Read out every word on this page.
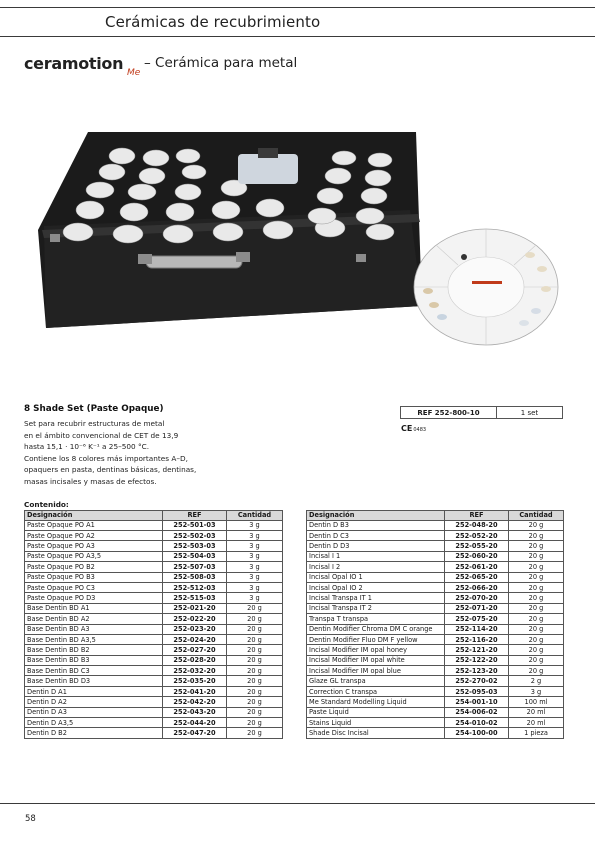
Cerámicas de recubrimiento
ceramotion Me
– Cerámica para metal
8 Shade Set (Paste Opaque)
Set para recubrir estructuras de metal
en el ámbito convencional de CET de 13,9
hasta 15,1 · 10⁻⁶ K⁻¹ a 25–500 °C.
Contiene los 8 colores más importantes A–D,
opaquers en pasta, dentinas básicas, dentinas,
masas incisales y masas de efectos.
REF 252-800-10	1 set
CE0483
Contenido:
Designación	REF	Cantidad
Paste Opaque PO A1	252-501-03	3 g
Paste Opaque PO A2	252-502-03	3 g
Paste Opaque PO A3	252-503-03	3 g
Paste Opaque PO A3,5	252-504-03	3 g
Paste Opaque PO B2	252-507-03	3 g
Paste Opaque PO B3	252-508-03	3 g
Paste Opaque PO C3	252-512-03	3 g
Paste Opaque PO D3	252-515-03	3 g
Base Dentin BD A1	252-021-20	20 g
Base Dentin BD A2	252-022-20	20 g
Base Dentin BD A3	252-023-20	20 g
Base Dentin BD A3,5	252-024-20	20 g
Base Dentin BD B2	252-027-20	20 g
Base Dentin BD B3	252-028-20	20 g
Base Dentin BD C3	252-032-20	20 g
Base Dentin BD D3	252-035-20	20 g
Dentin D A1	252-041-20	20 g
Dentin D A2	252-042-20	20 g
Dentin D A3	252-043-20	20 g
Dentin D A3,5	252-044-20	20 g
Dentin D B2	252-047-20	20 g
Designación	REF	Cantidad
Dentin D B3	252-048-20	20 g
Dentin D C3	252-052-20	20 g
Dentin D D3	252-055-20	20 g
Incisal I 1	252-060-20	20 g
Incisal I 2	252-061-20	20 g
Incisal Opal IO 1	252-065-20	20 g
Incisal Opal IO 2	252-066-20	20 g
Incisal Transpa IT 1	252-070-20	20 g
Incisal Transpa IT 2	252-071-20	20 g
Transpa T transpa	252-075-20	20 g
Dentin Modifier Chroma DM C orange	252-114-20	20 g
Dentin Modifier Fluo DM F yellow	252-116-20	20 g
Incisal Modifier IM opal honey	252-121-20	20 g
Incisal Modifier IM opal white	252-122-20	20 g
Incisal Modifier IM opal blue	252-123-20	20 g
Glaze GL transpa	252-270-02	2 g
Correction C transpa	252-095-03	3 g
Me Standard Modelling Liquid	254-001-10	100 ml
Paste Liquid	254-006-02	20 ml
Stains Liquid	254-010-02	20 ml
Shade Disc Incisal	254-100-00	1 pieza
58
